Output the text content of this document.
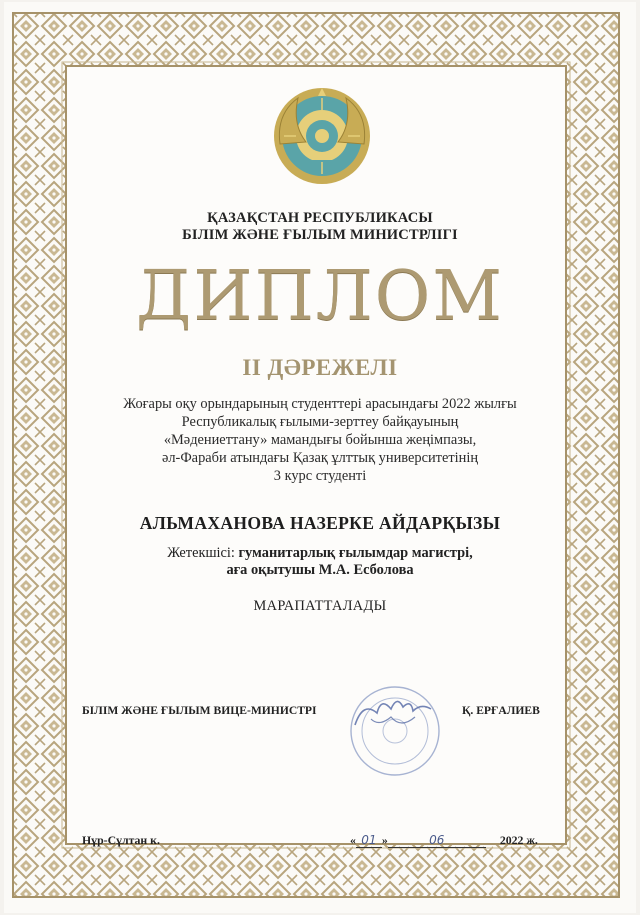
ҚАЗАҚСТАН РЕСПУБЛИКАСЫ
БІЛІМ ЖӘНЕ ҒЫЛЫМ МИНИСТРЛІГІ
ДИПЛОМ
ІІ ДӘРЕЖЕЛІ
Жоғары оқу орындарының студенттері арасындағы 2022 жылғы
Республикалық ғылыми-зерттеу байқауының
«Мәдениеттану» мамандығы бойынша жеңімпазы,
әл-Фараби атындағы Қазақ ұлттық университетінің
3 курс студенті
АЛЬМАХАНОВА НАЗЕРКЕ АЙДАРҚЫЗЫ
Жетекшісі: гуманитарлық ғылымдар магистрі,
аға оқытушы М.А. Есболова
МАРАПАТТАЛАДЫ
БІЛІМ ЖӘНЕ ҒЫЛЫМ ВИЦЕ-МИНИСТРІ	Қ. ЕРҒАЛИЕВ
Нұр-Сұлтан к.	« 01 »	06	2022 ж.
